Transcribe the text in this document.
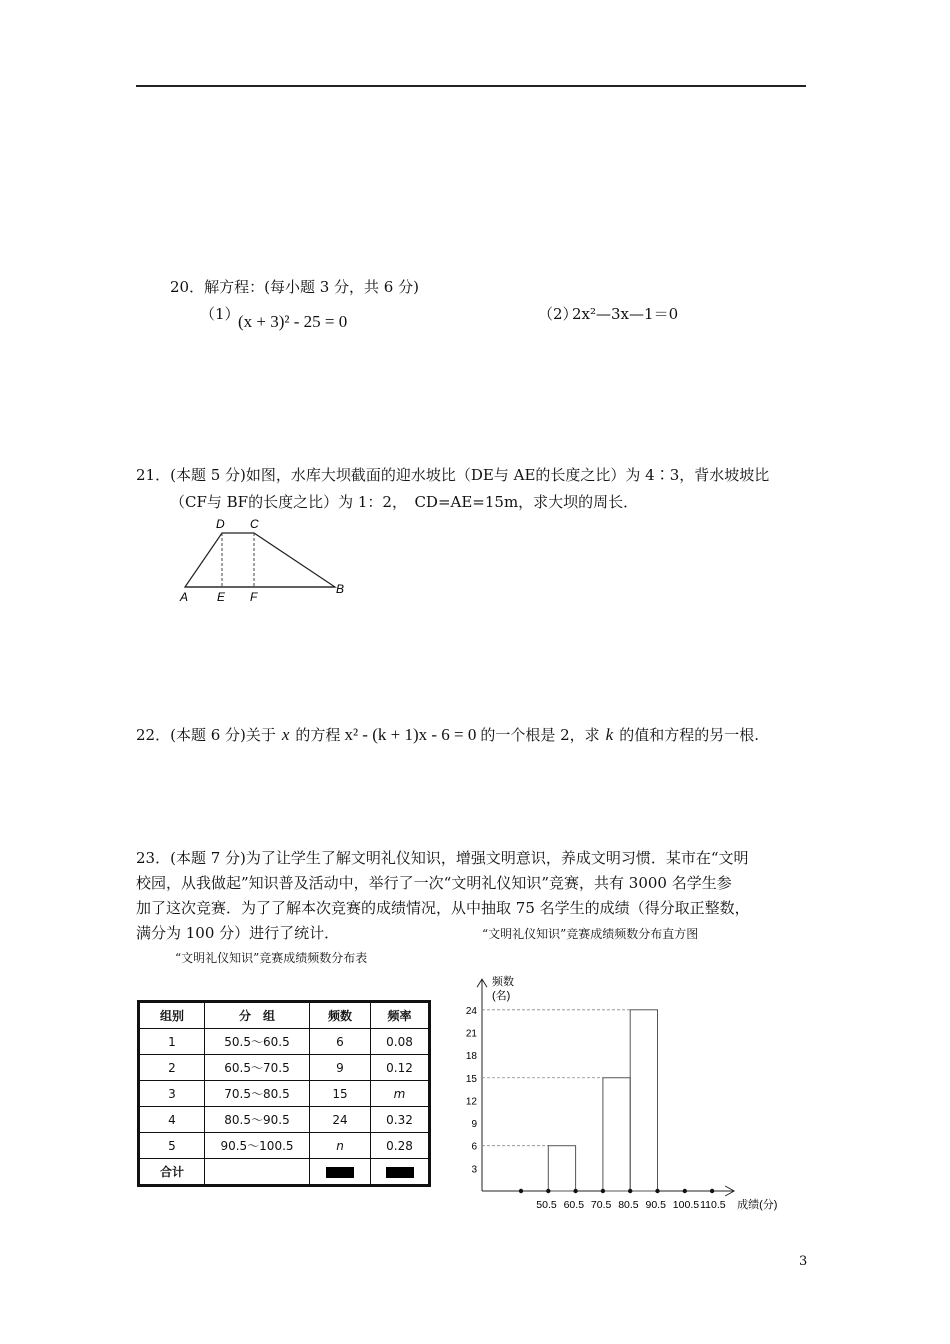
20．解方程：(每小题 3 分，共 6 分)
（1）
(x + 3)² - 25 = 0	（2）
2x²—3x—1＝0
21．(本题 5 分)如图，水库大坝截面的迎水坡比（DE与 AE的长度之比）为 4∶3，背水坡坡比
（CF与 BF的长度之比）为 1：2，　CD=AE=15m，求大坝的周长．
A E F
B
D C
22．(本题 6 分)关于 x 的方程 x² - (k + 1)x - 6 = 0 的一个根是 2，求 k 的值和方程的另一根.
23．(本题 7 分)为了让学生了解文明礼仪知识，增强文明意识，养成文明习惯．某市在“文明
校园，从我做起”知识普及活动中，举行了一次“文明礼仪知识”竞赛，共有 3000 名学生参
加了这次竞赛．为了了解本次竞赛的成绩情况，从中抽取 75 名学生的成绩（得分取正整数，
满分为 100 分）进行了统计．	“文明礼仪知识”竞赛成绩频数分布直方图
“文明礼仪知识”竞赛成绩频数分布表
组别	分　组	频数	频率
1	50.5～60.5	6	0.08
2	60.5～70.5	9	0.12
3	70.5～80.5	15	m
4	80.5～90.5	24	0.32
5	90.5～100.5	n	0.28
合计			
频数
(名)
成绩(分)
3
6
9
12
15
18
21
24
50.5 60.5 70.5 80.5 90.5 100.5 110.5
3
